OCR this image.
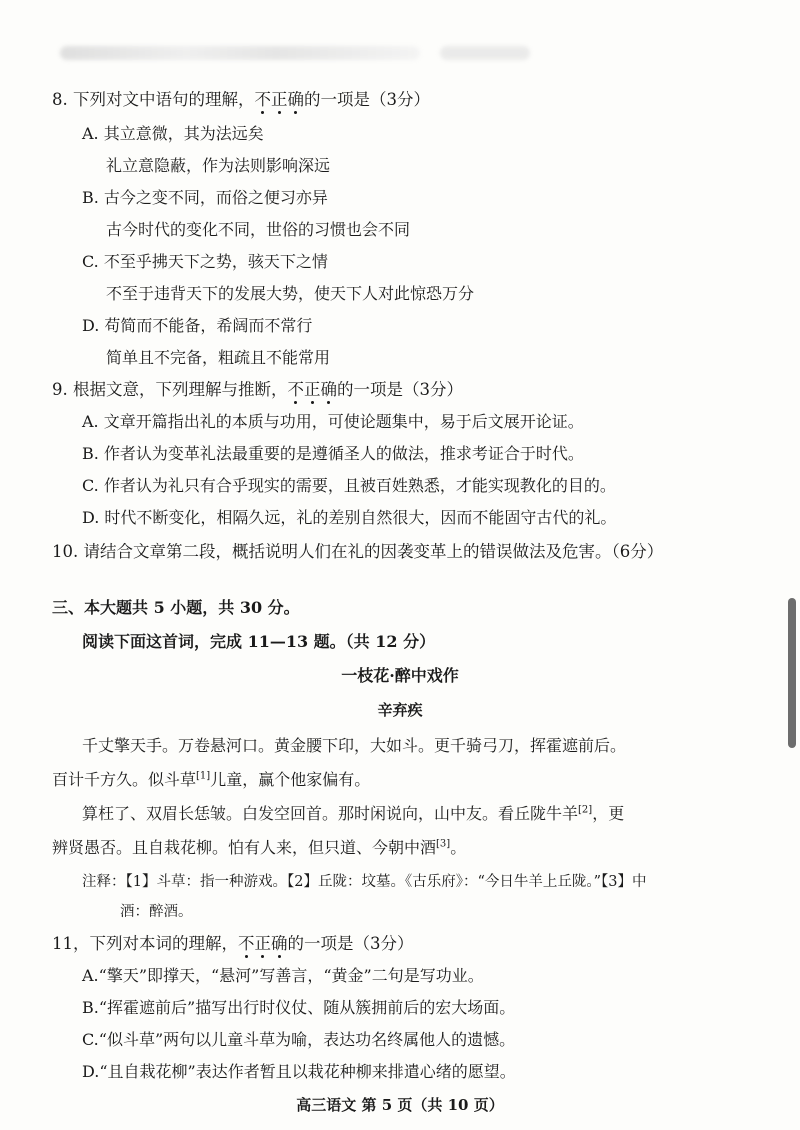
8. 下列对文中语句的理解，不正确的一项是（3分）
A. 其立意微，其为法远矣
礼立意隐蔽，作为法则影响深远
B. 古今之变不同，而俗之便习亦异
古今时代的变化不同，世俗的习惯也会不同
C. 不至乎拂天下之势，骇天下之情
不至于违背天下的发展大势，使天下人对此惊恐万分
D. 苟简而不能备，希阔而不常行
简单且不完备，粗疏且不能常用
9. 根据文意，下列理解与推断，不正确的一项是（3分）
A. 文章开篇指出礼的本质与功用，可使论题集中，易于后文展开论证。
B. 作者认为变革礼法最重要的是遵循圣人的做法，推求考证合于时代。
C. 作者认为礼只有合乎现实的需要，且被百姓熟悉，才能实现教化的目的。
D. 时代不断变化，相隔久远，礼的差别自然很大，因而不能固守古代的礼。
10. 请结合文章第二段，概括说明人们在礼的因袭变革上的错误做法及危害。（6分）
三、本大题共 5 小题，共 30 分。
阅读下面这首词，完成 11—13 题。（共 12 分）
一枝花·醉中戏作
辛弃疾
千丈擎天手。万卷悬河口。黄金腰下印，大如斗。更千骑弓刀，挥霍遮前后。
百计千方久。似斗草[1]儿童，赢个他家偏有。
算枉了、双眉长恁皱。白发空回首。那时闲说向，山中友。看丘陇牛羊[2]，更
辨贤愚否。且自栽花柳。怕有人来，但只道、今朝中酒[3]。
注释：【1】斗草：指一种游戏。【2】丘陇：坟墓。《古乐府》：“今日牛羊上丘陇。”【3】中
酒：醉酒。
11，下列对本词的理解，不正确的一项是（3分）
A.“擎天”即撑天，“悬河”写善言，“黄金”二句是写功业。
B.“挥霍遮前后”描写出行时仪仗、随从簇拥前后的宏大场面。
C.“似斗草”两句以儿童斗草为喻，表达功名终属他人的遗憾。
D.“且自栽花柳”表达作者暂且以栽花种柳来排遣心绪的愿望。
高三语文 第 5 页（共 10 页）
